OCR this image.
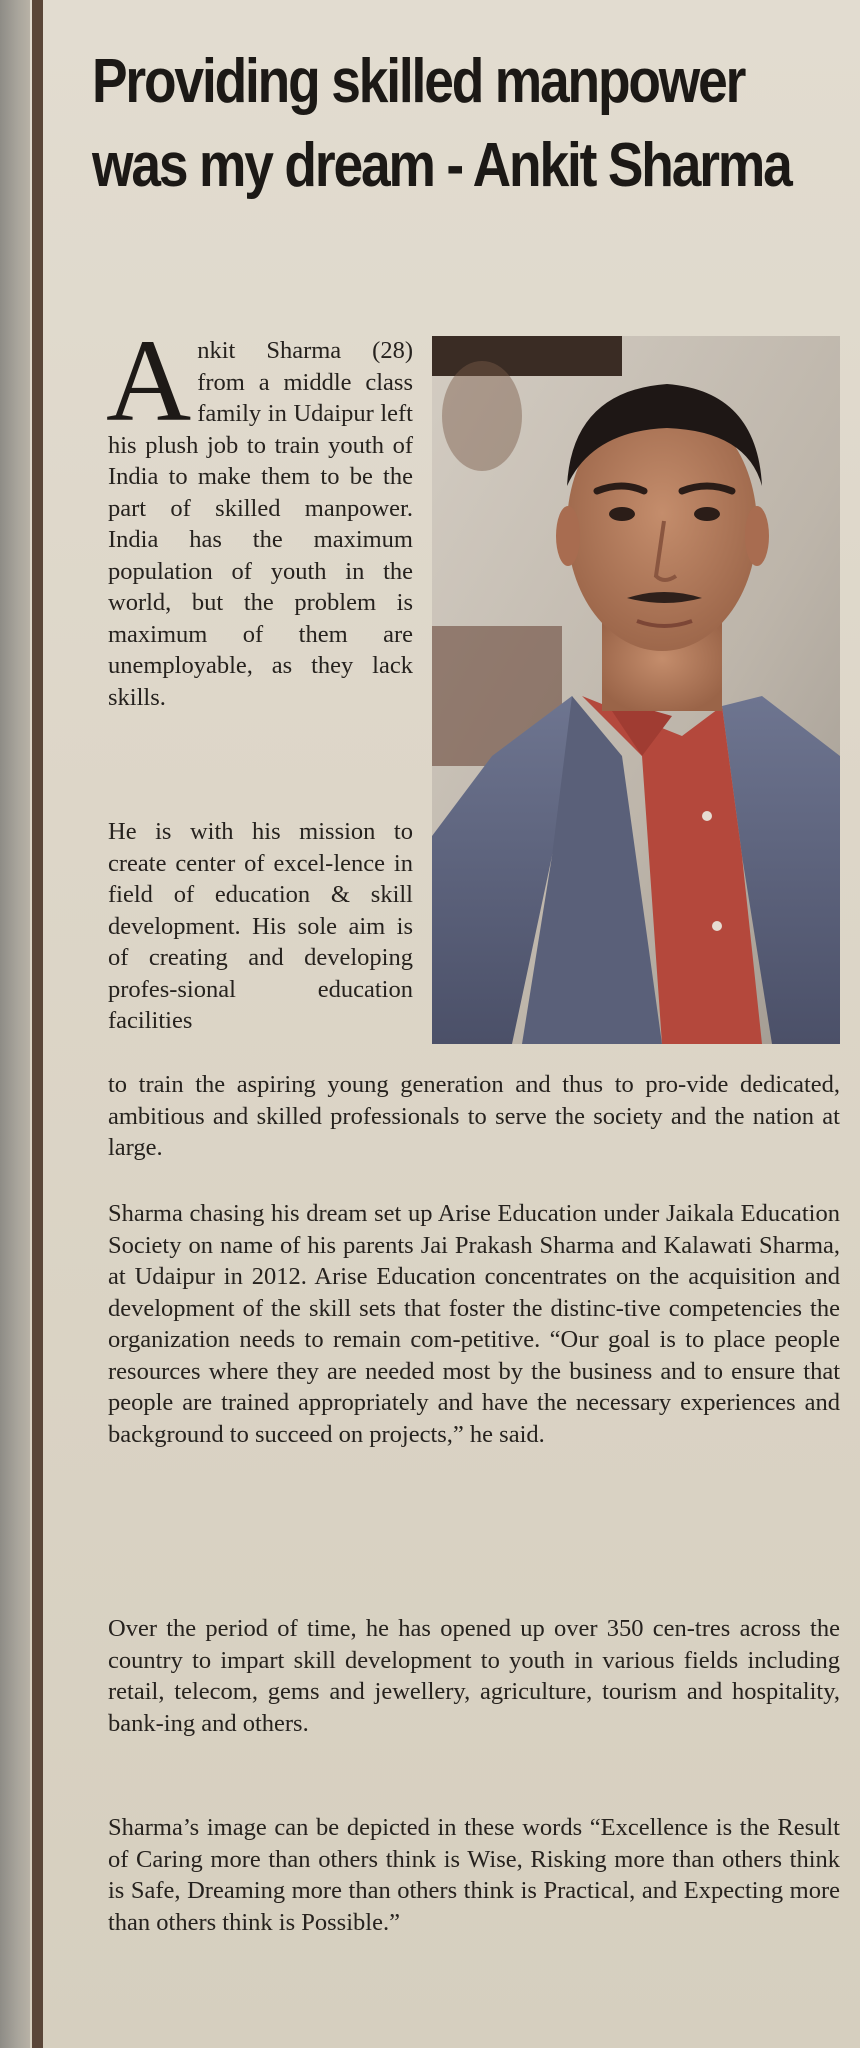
Providing skilled manpower
was my dream - Ankit Sharma

Ankit Sharma (28) from a middle class family in Udaipur left his plush job to train youth of India to make them to be the part of skilled manpower. India has the maximum population of youth in the world, but the problem is maximum of them are unemployable, as they lack skills.

He is with his mission to create center of excel-lence in field of education & skill development. His sole aim is of creating and developing profes-sional education facilities

to train the aspiring young generation and thus to pro-vide dedicated, ambitious and skilled professionals to serve the society and the nation at large.

Sharma chasing his dream set up Arise Education under Jaikala Education Society on name of his parents Jai Prakash Sharma and Kalawati Sharma, at Udaipur in 2012. Arise Education concentrates on the acquisition and development of the skill sets that foster the distinc-tive competencies the organization needs to remain com-petitive. “Our goal is to place people resources where they are needed most by the business and to ensure that people are trained appropriately and have the necessary experiences and background to succeed on projects,” he said.

Over the period of time, he has opened up over 350 cen-tres across the country to impart skill development to youth in various fields including retail, telecom, gems and jewellery, agriculture, tourism and hospitality, bank-ing and others.

Sharma’s image can be depicted in these words “Excellence is the Result of Caring more than others think is Wise, Risking more than others think is Safe, Dreaming more than others think is Practical, and Expecting more than others think is Possible.”
